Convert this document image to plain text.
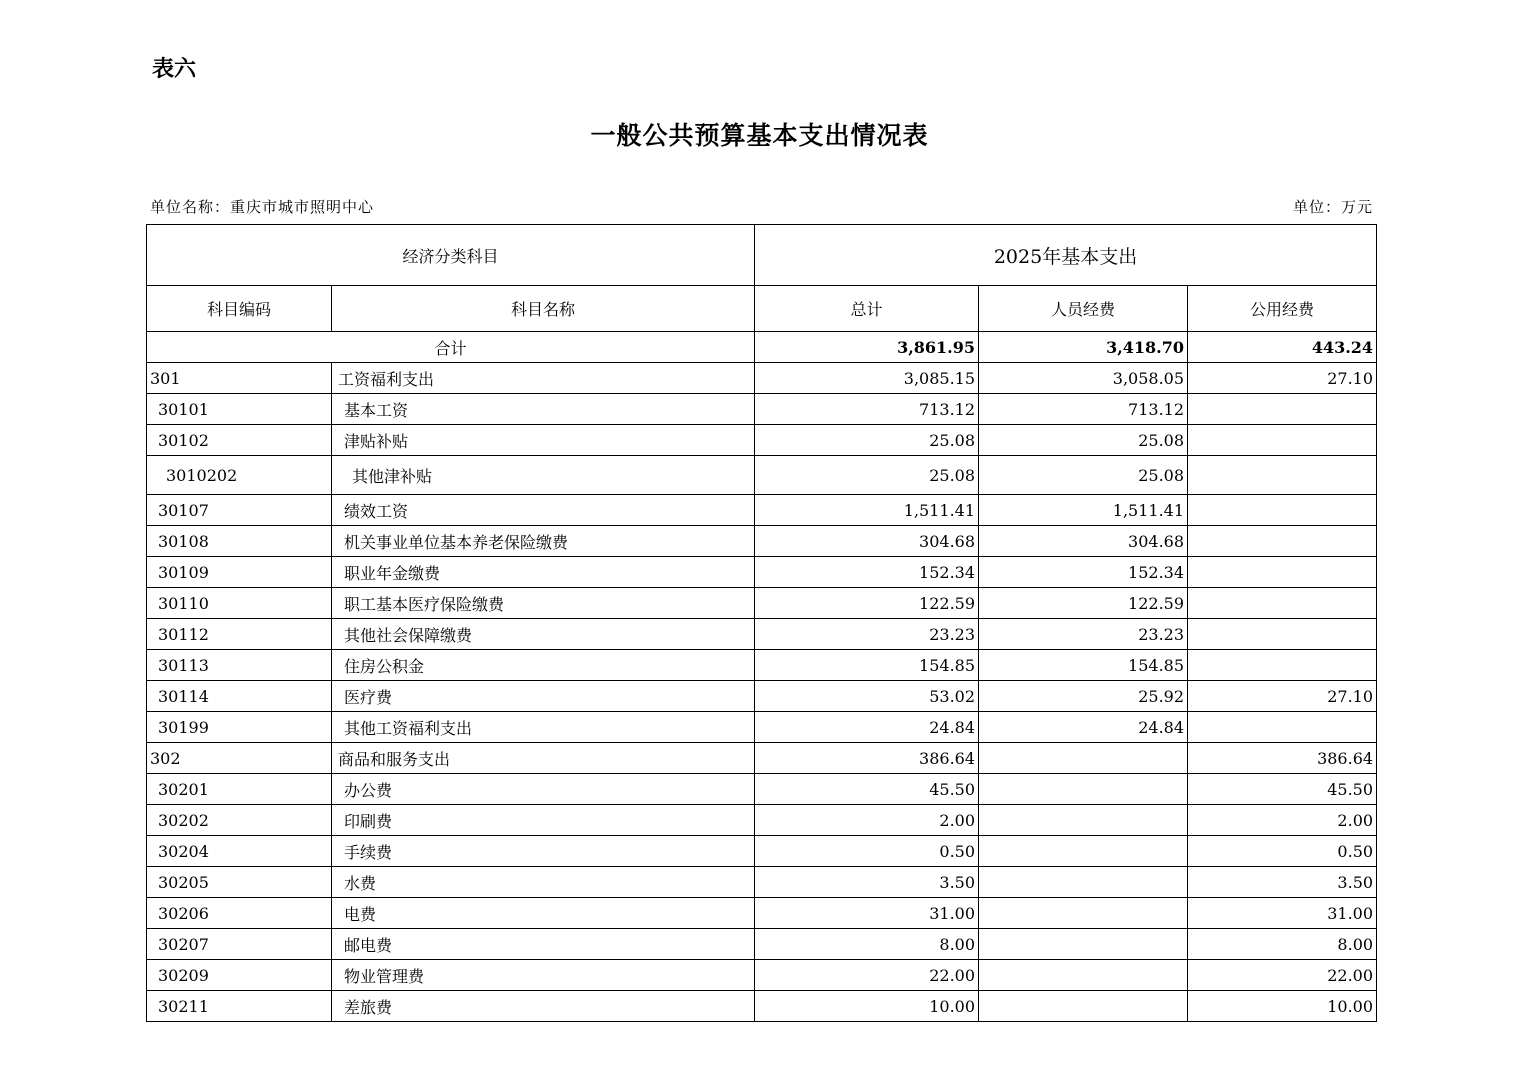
表六
一般公共预算基本支出情况表
单位名称：重庆市城市照明中心	单位：万元
经济分类科目		2025年基本支出		
科目编码	科目名称	总计	人员经费	公用经费
合计		3,861.95	3,418.70	443.24
301	工资福利支出	3,085.15	3,058.05	27.10
30101	基本工资	713.12	713.12	
30102	津贴补贴	25.08	25.08	
3010202	其他津补贴	25.08	25.08	
30107	绩效工资	1,511.41	1,511.41	
30108	机关事业单位基本养老保险缴费	304.68	304.68	
30109	职业年金缴费	152.34	152.34	
30110	职工基本医疗保险缴费	122.59	122.59	
30112	其他社会保障缴费	23.23	23.23	
30113	住房公积金	154.85	154.85	
30114	医疗费	53.02	25.92	27.10
30199	其他工资福利支出	24.84	24.84	
302	商品和服务支出	386.64		386.64
30201	办公费	45.50		45.50
30202	印刷费	2.00		2.00
30204	手续费	0.50		0.50
30205	水费	3.50		3.50
30206	电费	31.00		31.00
30207	邮电费	8.00		8.00
30209	物业管理费	22.00		22.00
30211	差旅费	10.00		10.00
